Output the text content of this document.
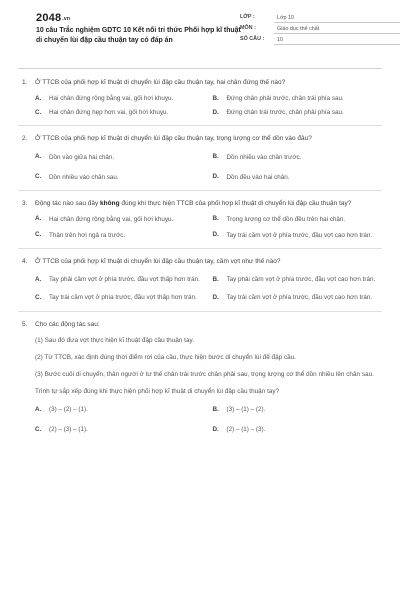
$2048^{.vn}$
10 câu Trắc nghiệm GDTC 10 Kết nối tri thức Phối hợp kĩ thuật di chuyển lùi đập cầu thuận tay có đáp án
LỚP :	Lớp 10
MÔN :	Giáo dục thể chất
SỐ CÂU :	10
1.	Ở TTCB của phối hợp kĩ thuật di chuyển lùi đập cầu thuận tay, hai chân đứng thế nào?
A.	Hai chân đứng rộng bằng vai, gối hơi khuỵu.	B.	Đứng chân phải trước, chân trái phía sau.
C.	Hai chân đứng hẹp hơn vai, gối hơi khuỵu.	D.	Đứng chân trái trước, chân phải phía sau.
2.	Ở TTCB của phối hợp kĩ thuật di chuyển lùi đập cầu thuận tay, trọng lượng cơ thể dồn vào đâu?
A.	Dồn vào giữa hai chân.	B.	Dồn nhiều vào chân trước.
C.	Dồn nhiều vào chân sau.	D.	Dồn đều vào hai chân.
3.	Động tác nào sau đây không đúng khi thực hiện TTCB của phối hợp kĩ thuật di chuyển lùi đập cầu thuận tay?
A.	Hai chân đứng rộng bằng vai, gối hơi khuỵu.	B.	Trọng lượng cơ thể dồn đều trên hai chân.
C.	Thân trên hơi ngả ra trước.	D.	Tay trái cầm vợt ở phía trước, đầu vợt cao hơn trán.
4.	Ở TTCB của phối hợp kĩ thuật di chuyển lùi đập cầu thuận tay, cầm vợt như thế nào?
A.	Tay phải cầm vợt ở phía trước, đầu vợt thấp hơn trán.	B.	Tay phải cầm vợt ở phía trước, đầu vợt cao hơn trán.
C.	Tay trái cầm vợt ở phía trước, đầu vợt thấp hơn trán.	D.	Tay trái cầm vợt ở phía trước, đầu vợt cao hơn trán.
5.	Cho các động tác sau:
(1) Sau đó đưa vợt thực hiện kĩ thuật đập cầu thuận tay.
(2) Từ TTCB, xác định đúng thời điểm rơi của cầu, thực hiện bước di chuyển lùi để đập cầu.
(3) Bước cuối di chuyển, thân người ở tư thế chân trái trước chân phải sau, trọng lượng cơ thể dồn nhiều lên chân sau.
Trình tự sắp xếp đúng khi thực hiện phối hợp kĩ thuật di chuyển lùi đập cầu thuận tay?
A.	(3) – (2) – (1).	B.	(3) – (1) – (2).
C.	(2) – (3) – (1).	D.	(2) – (1) – (3).
